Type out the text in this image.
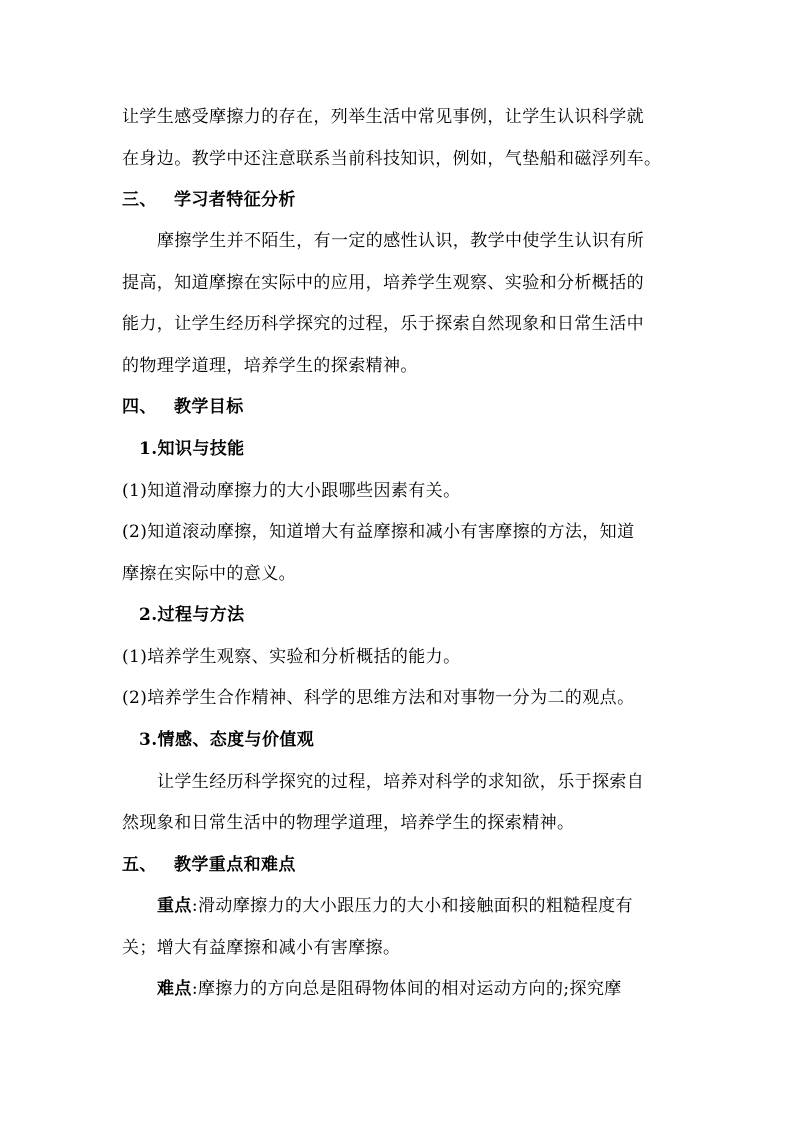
让学生感受摩擦力的存在，列举生活中常见事例，让学生认识科学就
在身边。教学中还注意联系当前科技知识，例如，气垫船和磁浮列车。
三、 学习者特征分析
摩擦学生并不陌生，有一定的感性认识，教学中使学生认识有所
提高，知道摩擦在实际中的应用，培养学生观察、实验和分析概括的
能力，让学生经历科学探究的过程，乐于探索自然现象和日常生活中
的物理学道理，培养学生的探索精神。
四、 教学目标
1.知识与技能
(1)知道滑动摩擦力的大小跟哪些因素有关。
(2)知道滚动摩擦，知道增大有益摩擦和减小有害摩擦的方法，知道
摩擦在实际中的意义。
2.过程与方法
(1)培养学生观察、实验和分析概括的能力。
(2)培养学生合作精神、科学的思维方法和对事物一分为二的观点。
3.情感、态度与价值观
让学生经历科学探究的过程，培养对科学的求知欲，乐于探索自
然现象和日常生活中的物理学道理，培养学生的探索精神。
五、 教学重点和难点
重点:滑动摩擦力的大小跟压力的大小和接触面积的粗糙程度有
关；增大有益摩擦和减小有害摩擦。
难点:摩擦力的方向总是阻碍物体间的相对运动方向的;探究摩
